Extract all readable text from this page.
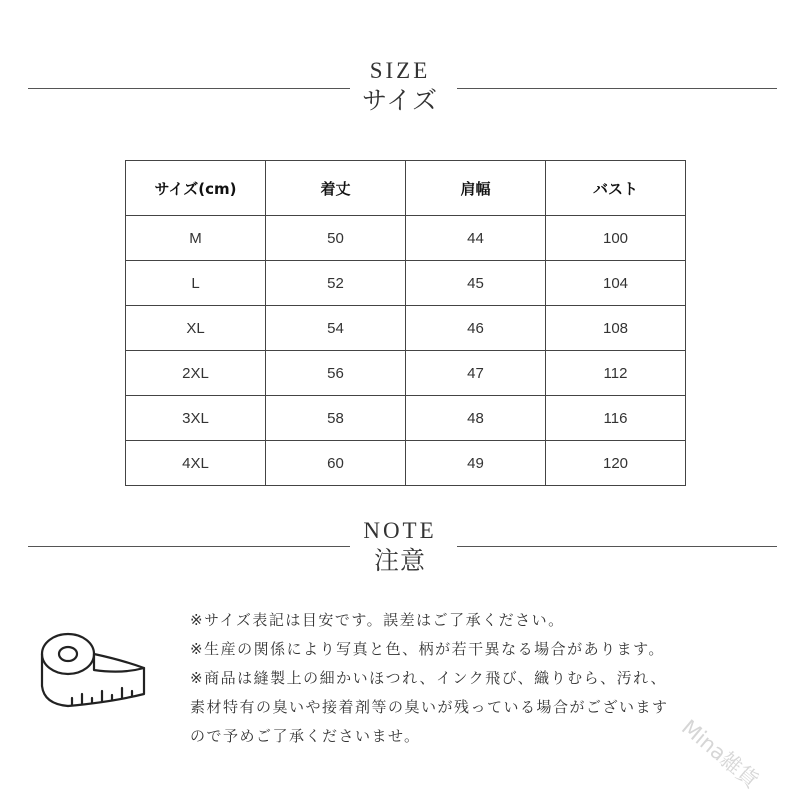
SIZE
サイズ
サイズ(cm)	着丈	肩幅	バスト
M	50	44	100
L	52	45	104
XL	54	46	108
2XL	56	47	112
3XL	58	48	116
4XL	60	49	120
NOTE
注意
※サイズ表記は目安です。誤差はご了承ください。
※生産の関係により写真と色、柄が若干異なる場合があります。
※商品は縫製上の細かいほつれ、インク飛び、織りむら、汚れ、
素材特有の臭いや接着剤等の臭いが残っている場合がございます
ので予めご了承くださいませ。	Mina雑貨
